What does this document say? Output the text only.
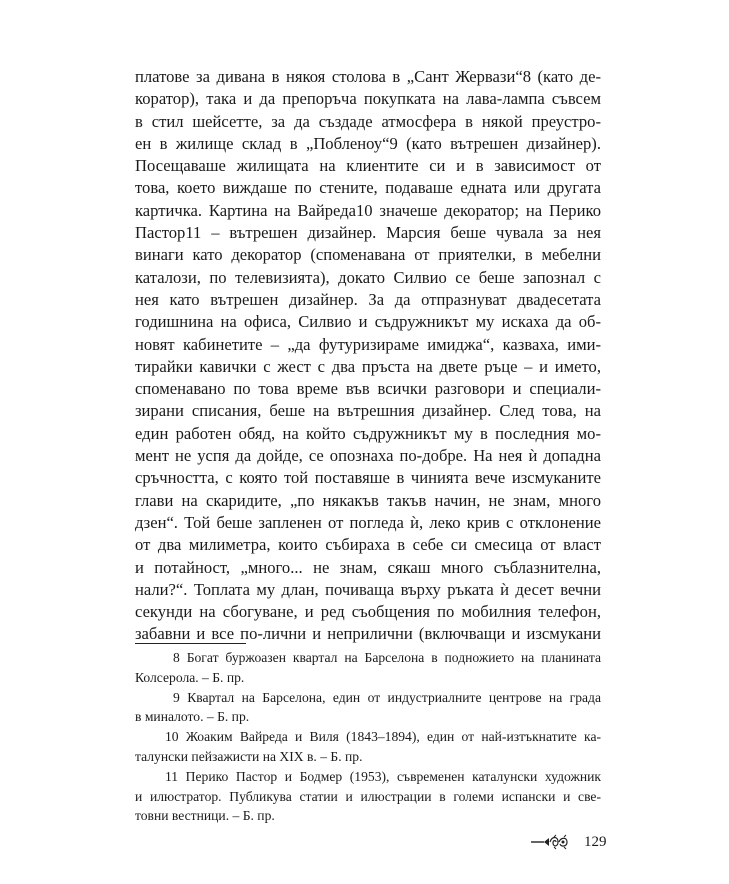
платове за дивана в някоя столова в „Сант Жервази“8 (като де-
коратор), така и да препоръча покупката на лава-лампа съвсем
в стил шейсетте, за да създаде атмосфера в някой преустро-
ен в жилище склад в „Побленоу“9 (като вътрешен дизайнер).
Посещаваше жилищата на клиентите си и в зависимост от
това, което виждаше по стените, подаваше едната или другата
картичка. Картина на Вайреда10 значеше декоратор; на Перико
Пастор11 – вътрешен дизайнер. Марсия беше чувала за нея
винаги като декоратор (споменавана от приятелки, в мебелни
каталози, по телевизията), докато Силвио се беше запознал с
нея като вътрешен дизайнер. За да отпразнуват двадесетата
годишнина на офиса, Силвио и съдружникът му искаха да об-
новят кабинетите – „да футуризираме имиджа“, казваха, ими-
тирайки кавички с жест с два пръста на двете ръце – и името,
споменавано по това време във всички разговори и специали-
зирани списания, беше на вътрешния дизайнер. След това, на
един работен обяд, на който съдружникът му в последния мо-
мент не успя да дойде, се опознаха по-добре. На нея ѝ допадна
сръчността, с която той поставяше в чинията вече изсмуканите
глави на скаридите, „по някакъв такъв начин, не знам, много
дзен“. Той беше запленен от погледа ѝ, леко крив с отклонение
от два милиметра, които събираха в себе си смесица от власт
и потайност, „много... не знам, сякаш много съблазнителна,
нали?“. Топлата му длан, почиваща върху ръката ѝ десет вечни
секунди на сбогуване, и ред съобщения по мобилния телефон,
забавни и все по-лични и неприлични (включващи и изсмукани
8 Богат буржоазен квартал на Барселона в подножието на планината
Колсерола. – Б. пр.
9 Квартал на Барселона, един от индустриалните центрове на града
в миналото. – Б. пр.
10 Жоаким Вайреда и Виля (1843–1894), един от най-изтъкнатите ка-
талунски пейзажисти на XIX в. – Б. пр.
11 Перико Пастор и Бодмер (1953), съвременен каталунски художник
и илюстратор. Публикува статии и илюстрации в големи испански и све-
товни вестници. – Б. пр.
129
